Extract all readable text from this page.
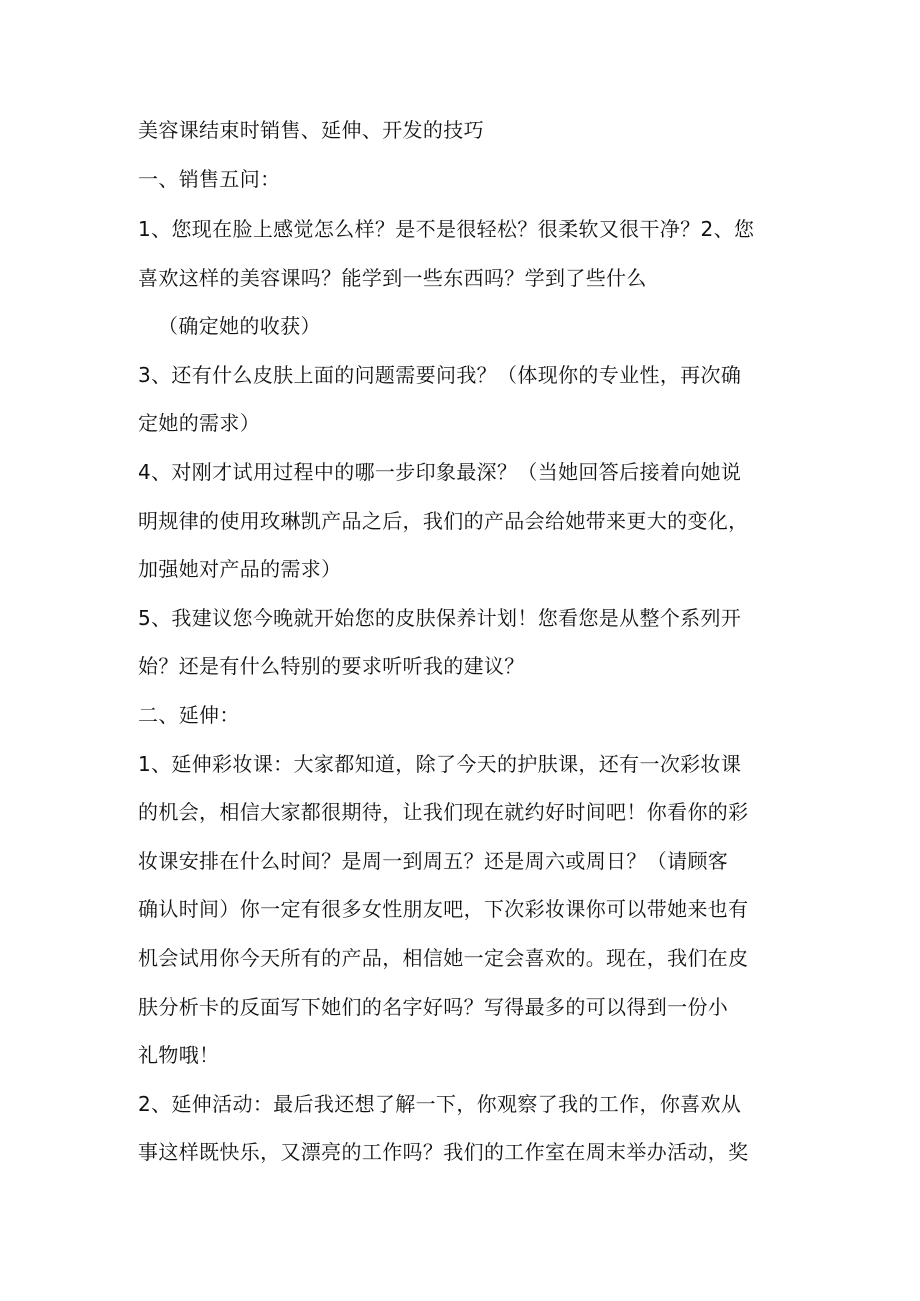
美容课结束时销售、延伸、开发的技巧
一、销售五问：
1、您现在脸上感觉怎么样？是不是很轻松？很柔软又很干净？2、您
喜欢这样的美容课吗？能学到一些东西吗？学到了些什么
（确定她的收获）
3、还有什么皮肤上面的问题需要问我？（体现你的专业性，再次确
定她的需求）
4、对刚才试用过程中的哪一步印象最深？（当她回答后接着向她说
明规律的使用玫琳凯产品之后，我们的产品会给她带来更大的变化，
加强她对产品的需求）
5、我建议您今晚就开始您的皮肤保养计划！您看您是从整个系列开
始？还是有什么特别的要求听听我的建议？
二、延伸：
1、延伸彩妆课：大家都知道，除了今天的护肤课，还有一次彩妆课
的机会，相信大家都很期待，让我们现在就约好时间吧！你看你的彩
妆课安排在什么时间？是周一到周五？还是周六或周日？（请顾客
确认时间）你一定有很多女性朋友吧，下次彩妆课你可以带她来也有
机会试用你今天所有的产品，相信她一定会喜欢的。现在，我们在皮
肤分析卡的反面写下她们的名字好吗？写得最多的可以得到一份小
礼物哦！
2、延伸活动：最后我还想了解一下，你观察了我的工作，你喜欢从
事这样既快乐，又漂亮的工作吗？我们的工作室在周末举办活动，奖
